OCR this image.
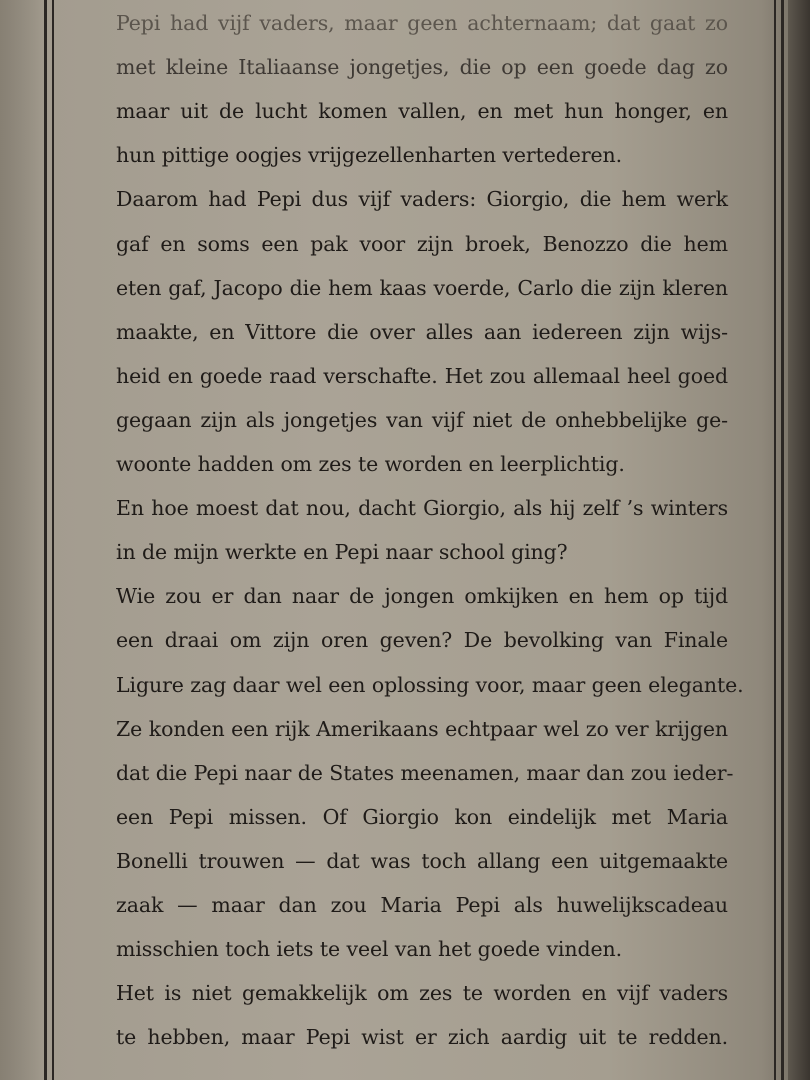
Pepi had vijf vaders, maar geen achternaam; dat gaat zo
met kleine Italiaanse jongetjes, die op een goede dag zo
maar uit de lucht komen vallen, en met hun honger, en
hun pittige oogjes vrijgezellenharten vertederen.
Daarom had Pepi dus vijf vaders: Giorgio, die hem werk
gaf en soms een pak voor zijn broek, Benozzo die hem
eten gaf, Jacopo die hem kaas voerde, Carlo die zijn kleren
maakte, en Vittore die over alles aan iedereen zijn wijs-
heid en goede raad verschafte. Het zou allemaal heel goed
gegaan zijn als jongetjes van vijf niet de onhebbelijke ge-
woonte hadden om zes te worden en leerplichtig.
En hoe moest dat nou, dacht Giorgio, als hij zelf ’s winters
in de mijn werkte en Pepi naar school ging?
Wie zou er dan naar de jongen omkijken en hem op tijd
een draai om zijn oren geven? De bevolking van Finale
Ligure zag daar wel een oplossing voor, maar geen elegante.
Ze konden een rijk Amerikaans echtpaar wel zo ver krijgen
dat die Pepi naar de States meenamen, maar dan zou ieder-
een Pepi missen. Of Giorgio kon eindelijk met Maria
Bonelli trouwen — dat was toch allang een uitgemaakte
zaak — maar dan zou Maria Pepi als huwelijkscadeau
misschien toch iets te veel van het goede vinden.
Het is niet gemakkelijk om zes te worden en vijf vaders
te hebben, maar Pepi wist er zich aardig uit te redden.
